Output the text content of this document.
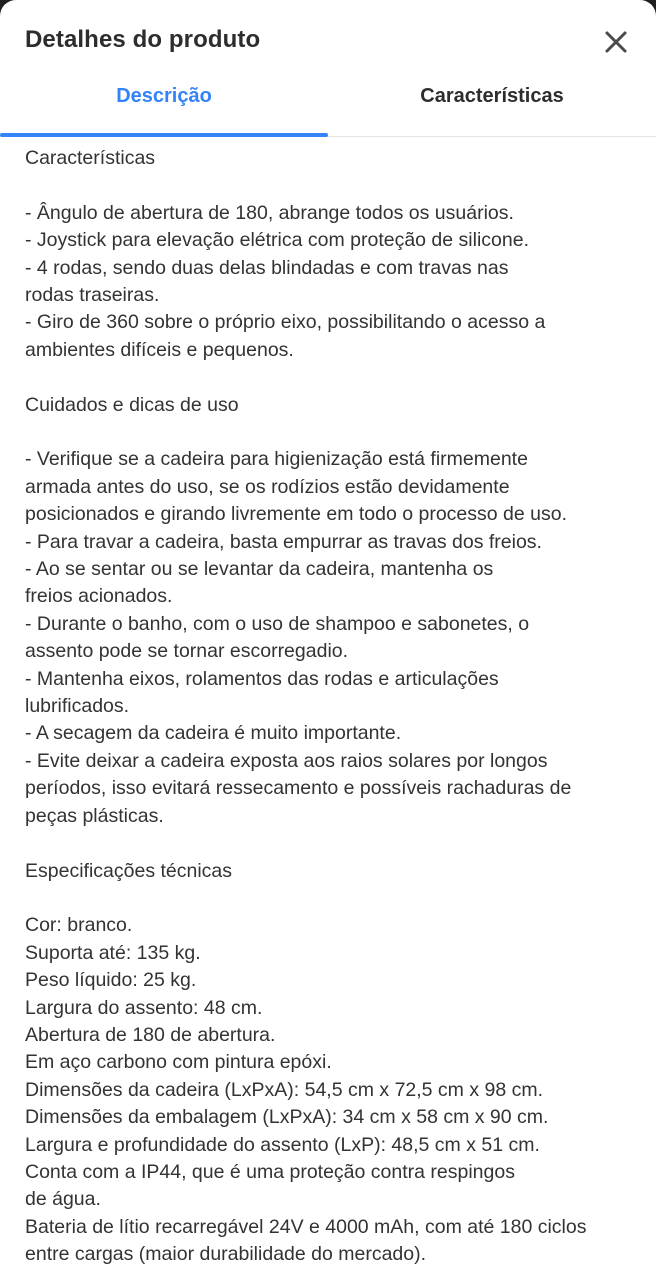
Detalhes do produto
Descrição	Características
Características
- Ângulo de abertura de 180, abrange todos os usuários.
- Joystick para elevação elétrica com proteção de silicone.
- 4 rodas, sendo duas delas blindadas e com travas nas
rodas traseiras.
- Giro de 360 sobre o próprio eixo, possibilitando o acesso a
ambientes difíceis e pequenos.
Cuidados e dicas de uso
- Verifique se a cadeira para higienização está firmemente
armada antes do uso, se os rodízios estão devidamente
posicionados e girando livremente em todo o processo de uso.
- Para travar a cadeira, basta empurrar as travas dos freios.
- Ao se sentar ou se levantar da cadeira, mantenha os
freios acionados.
- Durante o banho, com o uso de shampoo e sabonetes, o
assento pode se tornar escorregadio.
- Mantenha eixos, rolamentos das rodas e articulações
lubrificados.
- A secagem da cadeira é muito importante.
- Evite deixar a cadeira exposta aos raios solares por longos
períodos, isso evitará ressecamento e possíveis rachaduras de
peças plásticas.
Especificações técnicas
Cor: branco.
Suporta até: 135 kg.
Peso líquido: 25 kg.
Largura do assento: 48 cm.
Abertura de 180 de abertura.
Em aço carbono com pintura epóxi.
Dimensões da cadeira (LxPxA): 54,5 cm x 72,5 cm x 98 cm.
Dimensões da embalagem (LxPxA): 34 cm x 58 cm x 90 cm.
Largura e profundidade do assento (LxP): 48,5 cm x 51 cm.
Conta com a IP44, que é uma proteção contra respingos
de água.
Bateria de lítio recarregável 24V e 4000 mAh, com até 180 ciclos
entre cargas (maior durabilidade do mercado).
